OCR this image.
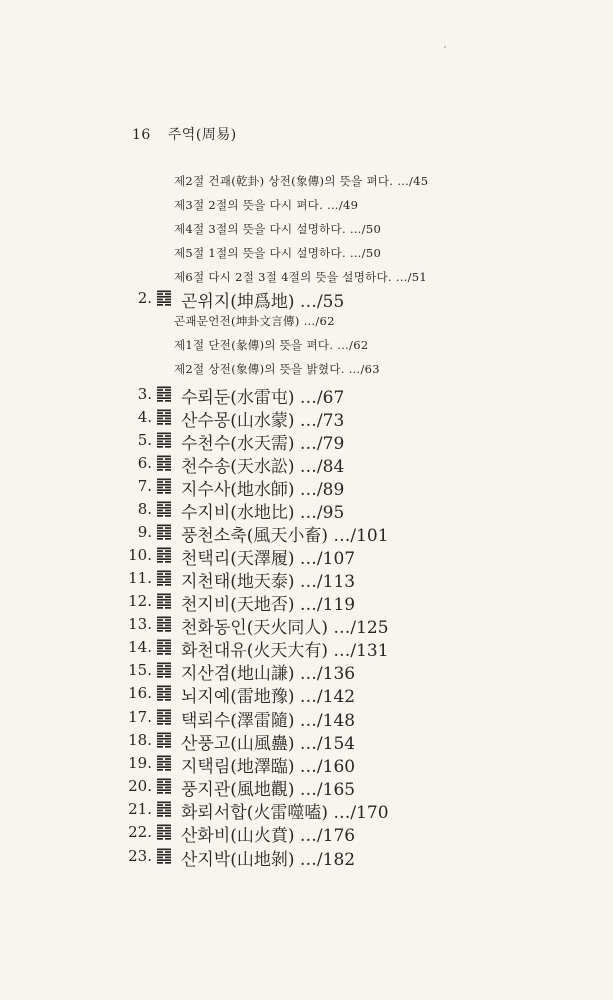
16 주역(周易)
제2절 건괘(乾卦) 상전(象傳)의 뜻을 펴다. …/45
제3절 2절의 뜻을 다시 펴다. …/49
제4절 3절의 뜻을 다시 설명하다. …/50
제5절 1절의 뜻을 다시 설명하다. …/50
제6절 다시 2절 3절 4절의 뜻을 설명하다. …/51
2. 곤위지(坤爲地) …/55
3. 수뢰둔(水雷屯) …/67
4. 산수몽(山水蒙) …/73
5. 수천수(水天需) …/79
6. 천수송(天水訟) …/84
7. 지수사(地水師) …/89
8. 수지비(水地比) …/95
9. 풍천소축(風天小畜) …/101
10. 천택리(天澤履) …/107
11. 지천태(地天泰) …/113
12. 천지비(天地否) …/119
13. 천화동인(天火同人) …/125
14. 화천대유(火天大有) …/131
15. 지산겸(地山謙) …/136
16. 뇌지예(雷地豫) …/142
17. 택뢰수(澤雷隨) …/148
18. 산풍고(山風蠱) …/154
19. 지택림(地澤臨) …/160
20. 풍지관(風地觀) …/165
21. 화뢰서합(火雷噬嗑) …/170
22. 산화비(山火賁) …/176
23. 산지박(山地剝) …/182
곤괘문언전(坤卦文言傳) …/62
제1절 단전(彖傳)의 뜻을 펴다. …/62
제2절 상전(象傳)의 뜻을 밝혔다. …/63
